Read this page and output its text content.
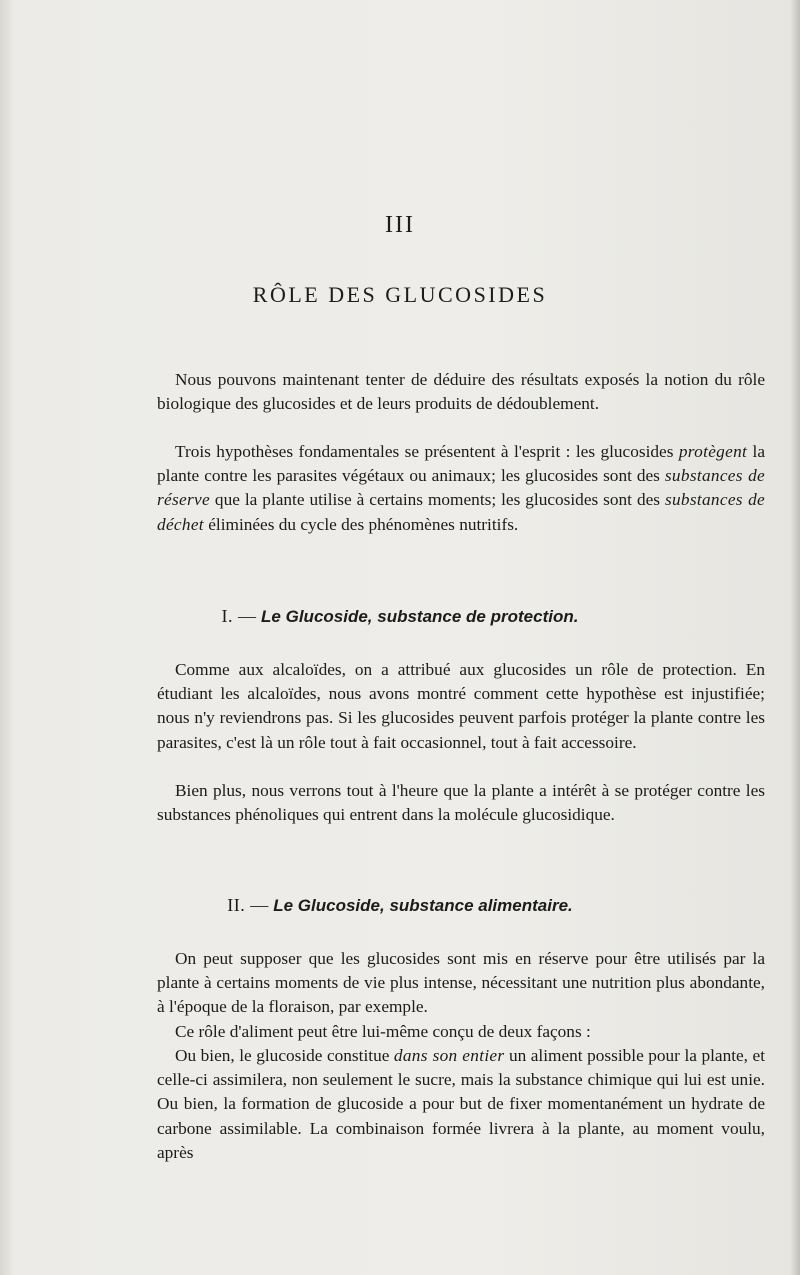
III
RÔLE DES GLUCOSIDES

Nous pouvons maintenant tenter de déduire des résultats exposés la notion du rôle biologique des glucosides et de leurs produits de dédoublement.

Trois hypothèses fondamentales se présentent à l'esprit : les glucosides protègent la plante contre les parasites végétaux ou animaux; les glucosides sont des substances de réserve que la plante utilise à certains moments; les glucosides sont des substances de déchet éliminées du cycle des phénomènes nutritifs.

I. — Le Glucoside, substance de protection.

Comme aux alcaloïdes, on a attribué aux glucosides un rôle de protection. En étudiant les alcaloïdes, nous avons montré comment cette hypothèse est injustifiée; nous n'y reviendrons pas. Si les glucosides peuvent parfois protéger la plante contre les parasites, c'est là un rôle tout à fait occasionnel, tout à fait accessoire.

Bien plus, nous verrons tout à l'heure que la plante a intérêt à se protéger contre les substances phénoliques qui entrent dans la molécule glucosidique.

II. — Le Glucoside, substance alimentaire.

On peut supposer que les glucosides sont mis en réserve pour être utilisés par la plante à certains moments de vie plus intense, nécessitant une nutrition plus abondante, à l'époque de la floraison, par exemple.

Ce rôle d'aliment peut être lui-même conçu de deux façons :

Ou bien, le glucoside constitue dans son entier un aliment possible pour la plante, et celle-ci assimilera, non seulement le sucre, mais la substance chimique qui lui est unie. Ou bien, la formation de glucoside a pour but de fixer momentanément un hydrate de carbone assimilable. La combinaison formée livrera à la plante, au moment voulu, après
